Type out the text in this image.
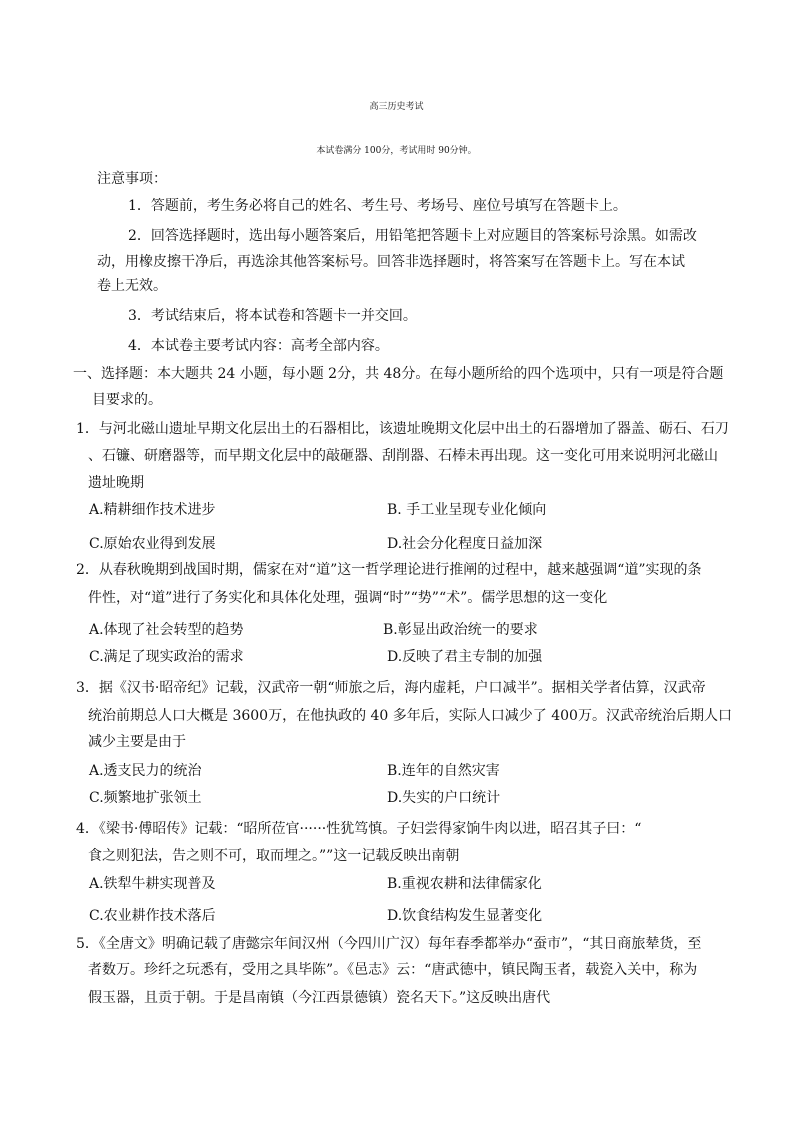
高三历史考试
本试卷满分 100分，考试用时 90分钟。
注意事项：
1．答题前，考生务必将自己的姓名、考生号、考场号、座位号填写在答题卡上。
2．回答选择题时，选出每小题答案后，用铅笔把答题卡上对应题目的答案标号涂黑。如需改
动，用橡皮擦干净后，再选涂其他答案标号。回答非选择题时，将答案写在答题卡上。写在本试
卷上无效。
3．考试结束后，将本试卷和答题卡一并交回。
4．本试卷主要考试内容：高考全部内容。
一、选择题：本大题共 24 小题，每小题 2分，共 48分。在每小题所给的四个选项中，只有一项是符合题
目要求的。
1．与河北磁山遗址早期文化层出土的石器相比，该遗址晚期文化层中出土的石器增加了器盖、砺石、石刀
、石镰、研磨器等，而早期文化层中的敲砸器、刮削器、石棒未再出现。这一变化可用来说明河北磁山
遗址晚期
A.精耕细作技术进步	B. 手工业呈现专业化倾向
C.原始农业得到发展	D.社会分化程度日益加深
2．从春秋晚期到战国时期，儒家在对“道”这一哲学理论进行推阐的过程中，越来越强调“道”实现的条
件性，对“道”进行了务实化和具体化处理，强调“时”“势”“术”。儒学思想的这一变化
A.体现了社会转型的趋势	B.彰显出政治统一的要求
C.满足了现实政治的需求	D.反映了君主专制的加强
3．据《汉书·昭帝纪》记载，汉武帝一朝“师旅之后，海内虚耗，户口减半”。据相关学者估算，汉武帝
统治前期总人口大概是 3600万，在他执政的 40 多年后，实际人口减少了 400万。汉武帝统治后期人口
减少主要是由于
A.透支民力的统治	B.连年的自然灾害
C.频繁地扩张领土	D.失实的户口统计
4．《梁书·傅昭传》记载：“昭所莅官······性犹笃慎。子妇尝得家饷牛肉以进，昭召其子曰：“
食之则犯法，告之则不可，取而埋之。””这一记载反映出南朝
A.铁犁牛耕实现普及	B.重视农耕和法律儒家化
C.农业耕作技术落后	D.饮食结构发生显著变化
5．《全唐文》明确记载了唐懿宗年间汉州（今四川广汉）每年春季都举办“蚕市”，“其日商旅辇货，至
者数万。珍纤之玩悉有，受用之具毕陈”。《邑志》云：“唐武德中，镇民陶玉者，载瓷入关中，称为
假玉器，且贡于朝。于是昌南镇（今江西景德镇）瓷名天下。”这反映出唐代
